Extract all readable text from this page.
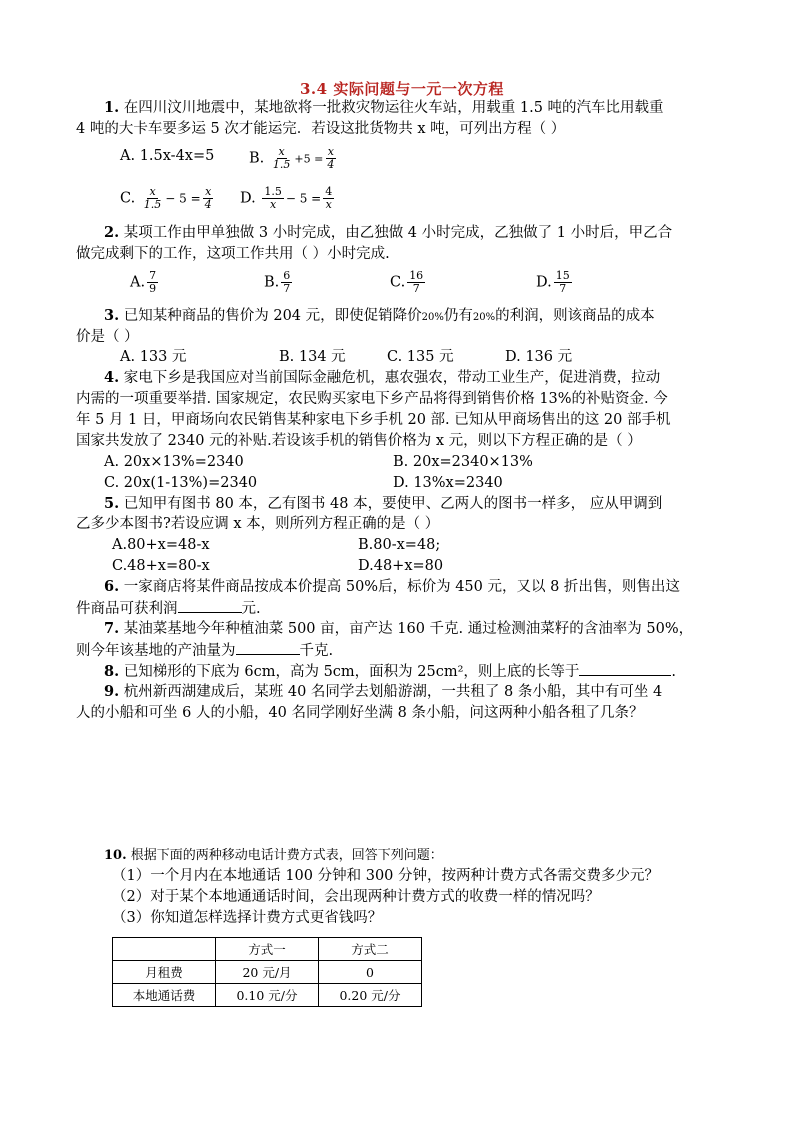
3.4 实际问题与一元一次方程
1. 在四川汶川地震中，某地欲将一批救灾物运往火车站，用载重 1.5 吨的汽车比用载重
4 吨的大卡车要多运 5 次才能运完．若设这批货物共 x 吨，可列出方程（ ）
A. 1.5x-4x=5 B. $\frac{x}{1.5} +5 = \frac{x}{4}$
C. $\frac{x}{1.5} - 5 = \frac{x}{4} D$. $\frac{1.5}{x} - 5 = \frac{4}{x}$
2. 某项工作由甲单独做 3 小时完成，由乙独做 4 小时完成，乙独做了 1 小时后，甲乙合
做完成剩下的工作，这项工作共用（ ）小时完成.
A. $\frac{7}{9}$	B. $\frac{6}{7}$	C. $\frac{16}{7}$	D. $\frac{15}{7}$
3. 已知某种商品的售价为 204 元，即使促销降价20%仍有20%的利润，则该商品的成本
价是（ ）
A. 133 元	B. 134 元	C. 135 元	D. 136 元
4. 家电下乡是我国应对当前国际金融危机，惠农强农，带动工业生产，促进消费，拉动
内需的一项重要举措. 国家规定，农民购买家电下乡产品将得到销售价格 13%的补贴资金. 今
年 5 月 1 日，甲商场向农民销售某种家电下乡手机 20 部. 已知从甲商场售出的这 20 部手机
国家共发放了 2340 元的补贴.若设该手机的销售价格为 x 元，则以下方程正确的是（ ）
A. 20x×13%=2340	B. 20x=2340×13%
C. 20x(1-13%)=2340	D. 13%x=2340
5. 已知甲有图书 80 本，乙有图书 48 本，要使甲、乙两人的图书一样多， 应从甲调到
乙多少本图书?若设应调 x 本，则所列方程正确的是（ ）
A.80+x=48-x	B.80-x=48;
C.48+x=80-x	D.48+x=80
6. 一家商店将某件商品按成本价提高 50%后，标价为 450 元，又以 8 折出售，则售出这
件商品可获利润	元.
7. 某油菜基地今年种植油菜 500 亩，亩产达 160 千克. 通过检测油菜籽的含油率为 50%，
则今年该基地的产油量为	千克.
8. 已知梯形的下底为 6cm，高为 5cm，面积为 25cm²，则上底的长等于	.
9. 杭州新西湖建成后，某班 40 名同学去划船游湖，一共租了 8 条小船，其中有可坐 4
人的小船和可坐 6 人的小船，40 名同学刚好坐满 8 条小船，问这两种小船各租了几条？
10. 根据下面的两种移动电话计费方式表，回答下列问题：
（1）一个月内在本地通话 100 分钟和 300 分钟，按两种计费方式各需交费多少元？
（2）对于某个本地通通话时间，会出现两种计费方式的收费一样的情况吗？
（3）你知道怎样选择计费方式更省钱吗？
	方式一	方式二
月租费	20 元/月	0
本地通话费	0.10 元/分	0.20 元/分
